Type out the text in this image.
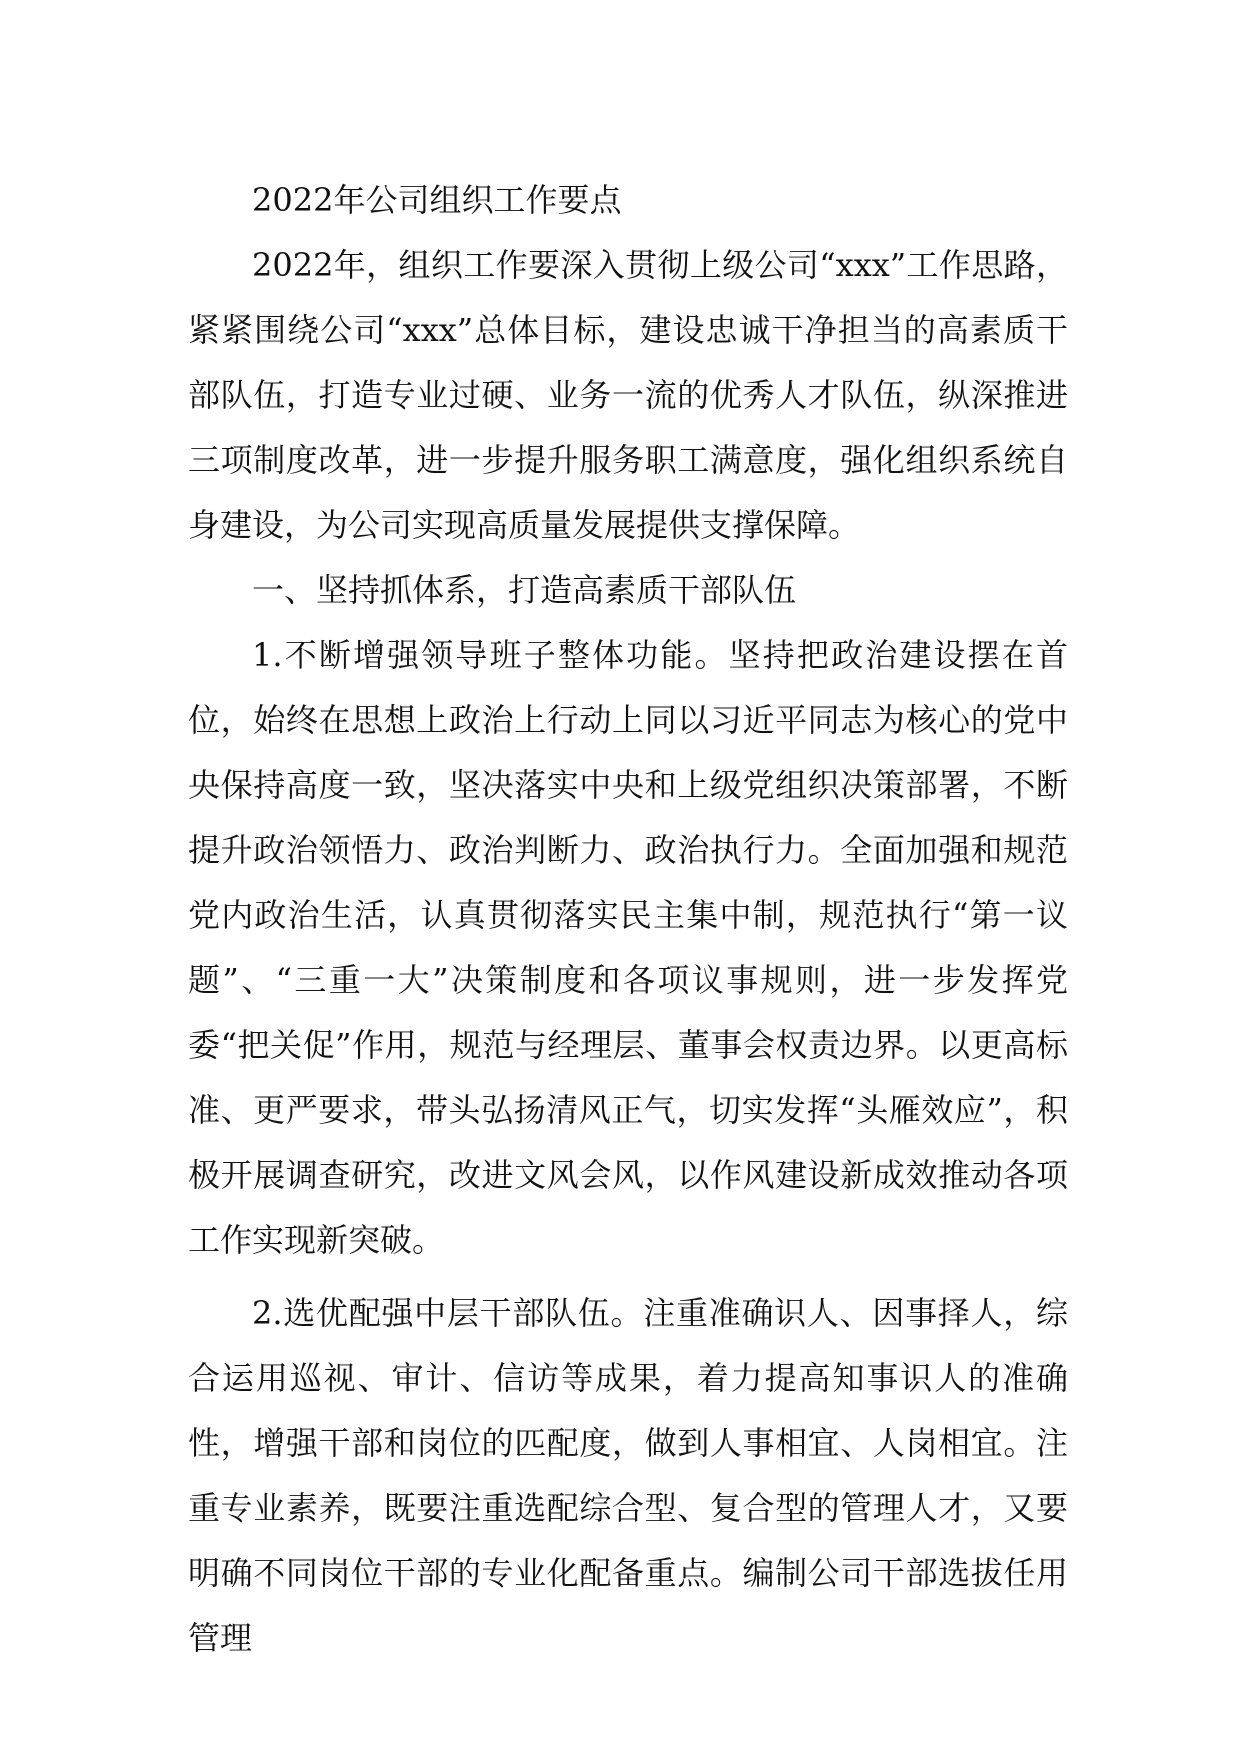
2022年公司组织工作要点

2022年，组织工作要深入贯彻上级公司“xxx”工作思路，紧紧围绕公司“xxx”总体目标，建设忠诚干净担当的高素质干部队伍，打造专业过硬、业务一流的优秀人才队伍，纵深推进三项制度改革，进一步提升服务职工满意度，强化组织系统自身建设，为公司实现高质量发展提供支撑保障。

一、坚持抓体系，打造高素质干部队伍

1.不断增强领导班子整体功能。坚持把政治建设摆在首位，始终在思想上政治上行动上同以习近平同志为核心的党中央保持高度一致，坚决落实中央和上级党组织决策部署，不断提升政治领悟力、政治判断力、政治执行力。全面加强和规范党内政治生活，认真贯彻落实民主集中制，规范执行“第一议题”、“三重一大”决策制度和各项议事规则，进一步发挥党委“把关促”作用，规范与经理层、董事会权责边界。以更高标准、更严要求，带头弘扬清风正气，切实发挥“头雁效应”，积极开展调查研究，改进文风会风，以作风建设新成效推动各项工作实现新突破。

2.选优配强中层干部队伍。注重准确识人、因事择人，综合运用巡视、审计、信访等成果，着力提高知事识人的准确性，增强干部和岗位的匹配度，做到人事相宜、人岗相宜。注重专业素养，既要注重选配综合型、复合型的管理人才，又要明确不同岗位干部的专业化配备重点。编制公司干部选拔任用管理
